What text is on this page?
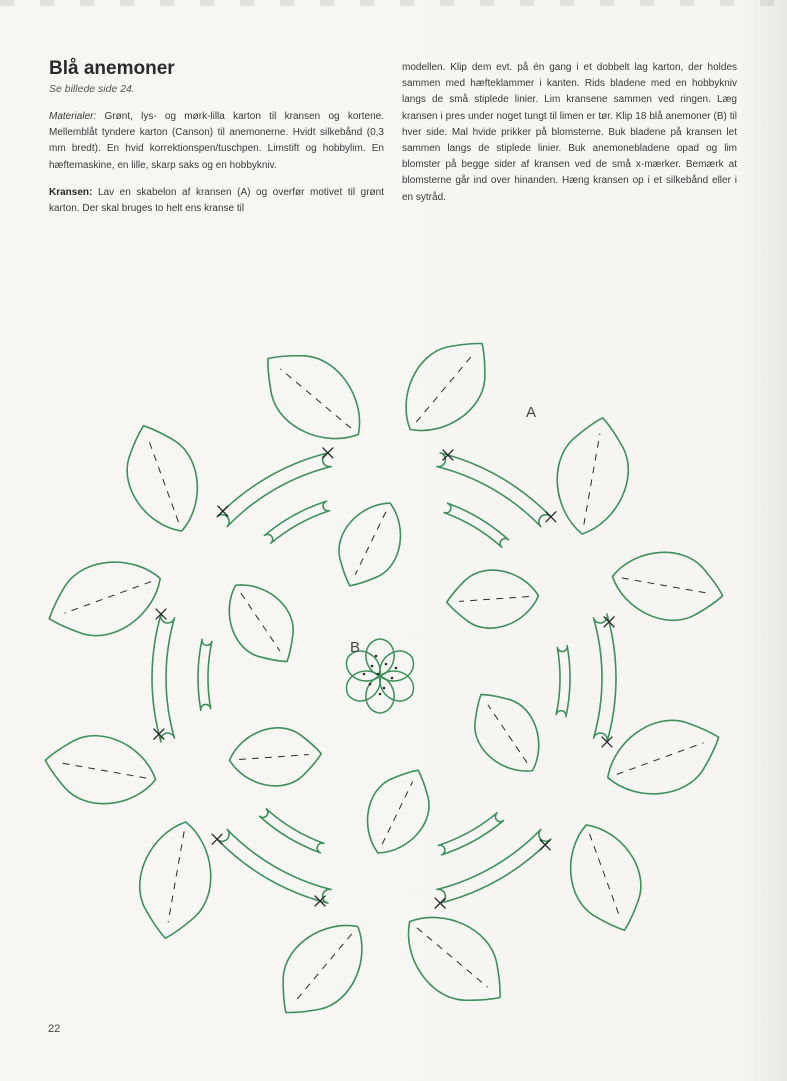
Blå anemoner
Se billede side 24.

Materialer: Grønt, lys- og mørk-lilla karton til kransen og kortene. Mellemblåt tyndere karton (Canson) til anemonerne. Hvidt silkebånd (0,3 mm bredt). En hvid korrektionspen/tuschpen. Limstift og hobbylim. En hæftemaskine, en lille, skarp saks og en hobbykniv.

Kransen: Lav en skabelon af kransen (A) og overfør motivet til grønt karton. Der skal bruges to helt ens kranse til

modellen. Klip dem evt. på én gang i et dobbelt lag karton, der holdes sammen med hæfteklammer i kanten. Rids bladene med en hobbykniv langs de små stiplede linier. Lim kransene sammen ved ringen. Læg kransen i pres under noget tungt til limen er tør. Klip 18 blå anemoner (B) til hver side. Mal hvide prikker på blomsterne. Buk bladene på kransen let sammen langs de stiplede linier. Buk anemonebladene opad og lim blomster på begge sider af kransen ved de små x-mærker. Bemærk at blomsterne går ind over hinanden. Hæng kransen op i et silkebånd eller i en sytråd.

A
B
22
